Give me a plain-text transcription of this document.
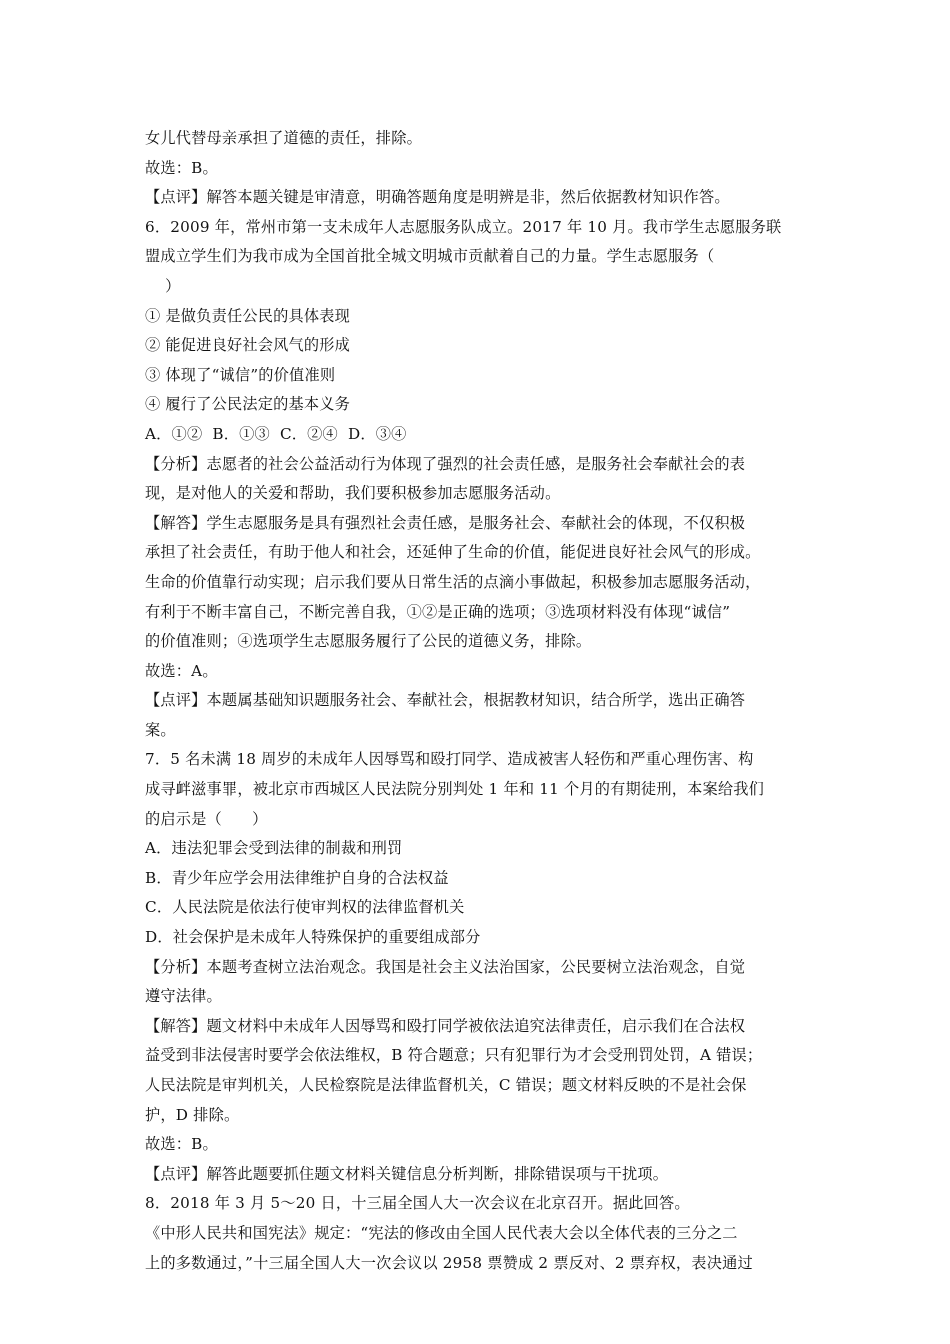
女儿代替母亲承担了道德的责任，排除。
故选：B。
【点评】解答本题关键是审清意，明确答题角度是明辨是非，然后依据教材知识作答。
6．2009 年，常州市第一支未成年人志愿服务队成立。2017 年 10 月。我市学生志愿服务联
盟成立学生们为我市成为全国首批全城文明城市贡献着自己的力量。学生志愿服务（
）
① 是做负责任公民的具体表现
② 能促进良好社会风气的形成
③ 体现了“诚信”的价值准则
④ 履行了公民法定的基本义务
A．①②  B．①③  C．②④  D．③④
【分析】志愿者的社会公益活动行为体现了强烈的社会责任感，是服务社会奉献社会的表
现，是对他人的关爱和帮助，我们要积极参加志愿服务活动。
【解答】学生志愿服务是具有强烈社会责任感，是服务社会、奉献社会的体现，不仅积极
承担了社会责任，有助于他人和社会，还延伸了生命的价值，能促进良好社会风气的形成。
生命的价值靠行动实现；启示我们要从日常生活的点滴小事做起，积极参加志愿服务活动，
有利于不断丰富自己，不断完善自我，①②是正确的选项；③选项材料没有体现“诚信”
的价值准则；④选项学生志愿服务履行了公民的道德义务，排除。
故选：A。
【点评】本题属基础知识题服务社会、奉献社会，根据教材知识，结合所学，选出正确答
案。
7．5 名未满 18 周岁的未成年人因辱骂和殴打同学、造成被害人轻伤和严重心理伤害、构
成寻衅滋事罪，被北京市西城区人民法院分别判处 1 年和 11 个月的有期徒刑，本案给我们
的启示是（      ）
A．违法犯罪会受到法律的制裁和刑罚
B．青少年应学会用法律维护自身的合法权益
C．人民法院是依法行使审判权的法律监督机关
D．社会保护是未成年人特殊保护的重要组成部分
【分析】本题考查树立法治观念。我国是社会主义法治国家，公民要树立法治观念，自觉
遵守法律。
【解答】题文材料中未成年人因辱骂和殴打同学被依法追究法律责任，启示我们在合法权
益受到非法侵害时要学会依法维权，B 符合题意；只有犯罪行为才会受刑罚处罚，A 错误；
人民法院是审判机关，人民检察院是法律监督机关，C 错误；题文材料反映的不是社会保
护，D 排除。
故选：B。
【点评】解答此题要抓住题文材料关键信息分析判断，排除错误项与干扰项。
8．2018 年 3 月 5～20 日，十三届全国人大一次会议在北京召开。据此回答。
《中形人民共和国宪法》规定：“宪法的修改由全国人民代表大会以全体代表的三分之二
上的多数通过，”十三届全国人大一次会议以 2958 票赞成 2 票反对、2 票弃权，表决通过
